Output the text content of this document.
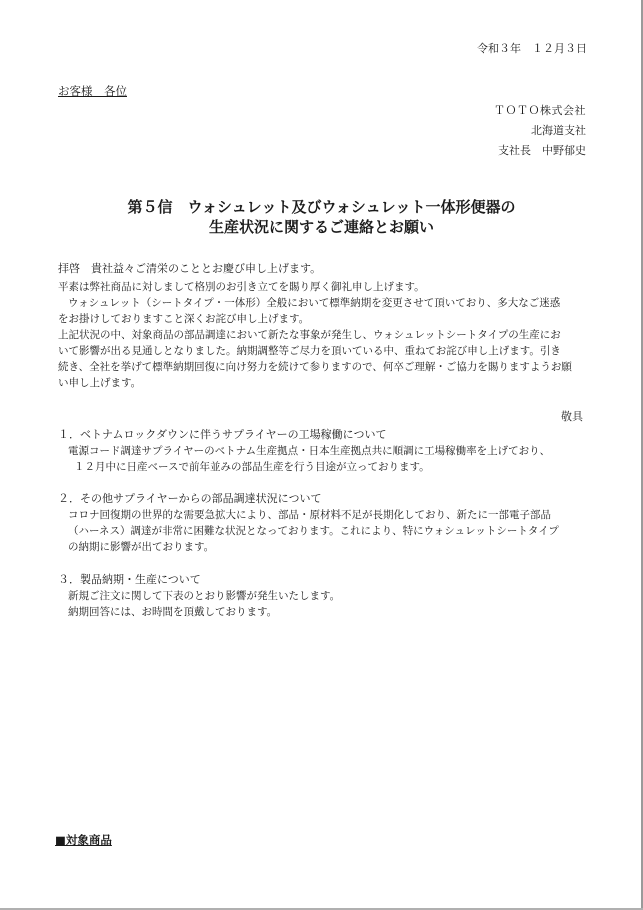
令和３年　１２月３日
お客様　各位
ＴＯＴＯ株式会社
北海道支社
支社長　中野郁史
第５信　ウォシュレット及びウォシュレット一体形便器の
生産状況に関するご連絡とお願い
拝啓　貴社益々ご清栄のこととお慶び申し上げます。
平素は弊社商品に対しまして格別のお引き立てを賜り厚く御礼申し上げます。
ウォシュレット（シートタイプ・一体形）全般において標準納期を変更させて頂いており、多大なご迷惑
をお掛けしておりますこと深くお詫び申し上げます。
上記状況の中、対象商品の部品調達において新たな事象が発生し、ウォシュレットシートタイプの生産にお
いて影響が出る見通しとなりました。納期調整等ご尽力を頂いている中、重ねてお詫び申し上げます。引き
続き、全社を挙げて標準納期回復に向け努力を続けて参りますので、何卒ご理解・ご協力を賜りますようお願
い申し上げます。
敬具
１．ベトナムロックダウンに伴うサプライヤーの工場稼働について
電源コード調達サプライヤーのベトナム生産拠点・日本生産拠点共に順調に工場稼働率を上げており、
１２月中に日産ベースで前年並みの部品生産を行う目途が立っております。
２．その他サプライヤーからの部品調達状況について
コロナ回復期の世界的な需要急拡大により、部品・原材料不足が長期化しており、新たに一部電子部品
（ハーネス）調達が非常に困難な状況となっております。これにより、特にウォシュレットシートタイプ
の納期に影響が出ております。
３．製品納期・生産について
新規ご注文に関して下表のとおり影響が発生いたします。
納期回答には、お時間を頂戴しております。
■対象商品
